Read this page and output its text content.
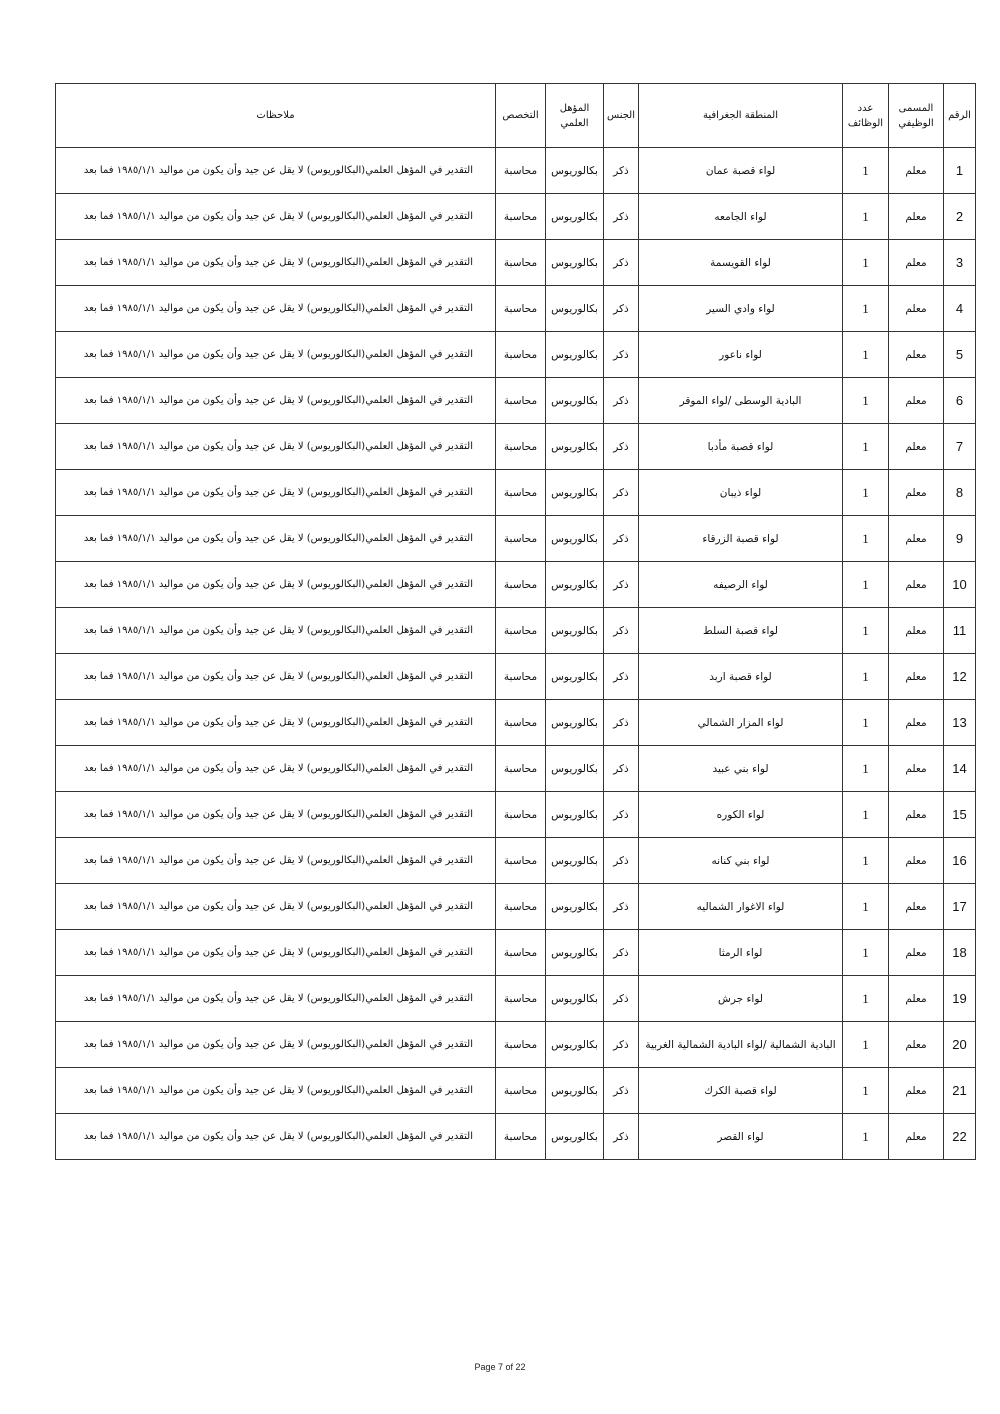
الرقم	المسمى الوظيفي	عدد الوظائف	المنطقة الجغرافية	الجنس	المؤهل العلمي	التخصص	ملاحظات
1	معلم	1	لواء قصبة عمان	ذكر	بكالوريوس	محاسبة	التقدير في المؤهل العلمي(البكالوريوس) لا يقل عن جيد وأن يكون من مواليد ١٩٨٥/١/١ فما بعد
2	معلم	1	لواء الجامعه	ذكر	بكالوريوس	محاسبة	التقدير في المؤهل العلمي(البكالوريوس) لا يقل عن جيد وأن يكون من مواليد ١٩٨٥/١/١ فما بعد
3	معلم	1	لواء القويسمة	ذكر	بكالوريوس	محاسبة	التقدير في المؤهل العلمي(البكالوريوس) لا يقل عن جيد وأن يكون من مواليد ١٩٨٥/١/١ فما بعد
4	معلم	1	لواء وادي السير	ذكر	بكالوريوس	محاسبة	التقدير في المؤهل العلمي(البكالوريوس) لا يقل عن جيد وأن يكون من مواليد ١٩٨٥/١/١ فما بعد
5	معلم	1	لواء ناعور	ذكر	بكالوريوس	محاسبة	التقدير في المؤهل العلمي(البكالوريوس) لا يقل عن جيد وأن يكون من مواليد ١٩٨٥/١/١ فما بعد
6	معلم	1	البادية الوسطى /لواء الموقر	ذكر	بكالوريوس	محاسبة	التقدير في المؤهل العلمي(البكالوريوس) لا يقل عن جيد وأن يكون من مواليد ١٩٨٥/١/١ فما بعد
7	معلم	1	لواء قصبة مأدبا	ذكر	بكالوريوس	محاسبة	التقدير في المؤهل العلمي(البكالوريوس) لا يقل عن جيد وأن يكون من مواليد ١٩٨٥/١/١ فما بعد
8	معلم	1	لواء ذيبان	ذكر	بكالوريوس	محاسبة	التقدير في المؤهل العلمي(البكالوريوس) لا يقل عن جيد وأن يكون من مواليد ١٩٨٥/١/١ فما بعد
9	معلم	1	لواء قصبة الزرقاء	ذكر	بكالوريوس	محاسبة	التقدير في المؤهل العلمي(البكالوريوس) لا يقل عن جيد وأن يكون من مواليد ١٩٨٥/١/١ فما بعد
10	معلم	1	لواء الرصيفه	ذكر	بكالوريوس	محاسبة	التقدير في المؤهل العلمي(البكالوريوس) لا يقل عن جيد وأن يكون من مواليد ١٩٨٥/١/١ فما بعد
11	معلم	1	لواء قصبة السلط	ذكر	بكالوريوس	محاسبة	التقدير في المؤهل العلمي(البكالوريوس) لا يقل عن جيد وأن يكون من مواليد ١٩٨٥/١/١ فما بعد
12	معلم	1	لواء قصبة اربد	ذكر	بكالوريوس	محاسبة	التقدير في المؤهل العلمي(البكالوريوس) لا يقل عن جيد وأن يكون من مواليد ١٩٨٥/١/١ فما بعد
13	معلم	1	لواء المزار الشمالي	ذكر	بكالوريوس	محاسبة	التقدير في المؤهل العلمي(البكالوريوس) لا يقل عن جيد وأن يكون من مواليد ١٩٨٥/١/١ فما بعد
14	معلم	1	لواء بني عبيد	ذكر	بكالوريوس	محاسبة	التقدير في المؤهل العلمي(البكالوريوس) لا يقل عن جيد وأن يكون من مواليد ١٩٨٥/١/١ فما بعد
15	معلم	1	لواء الكوره	ذكر	بكالوريوس	محاسبة	التقدير في المؤهل العلمي(البكالوريوس) لا يقل عن جيد وأن يكون من مواليد ١٩٨٥/١/١ فما بعد
16	معلم	1	لواء بني كنانه	ذكر	بكالوريوس	محاسبة	التقدير في المؤهل العلمي(البكالوريوس) لا يقل عن جيد وأن يكون من مواليد ١٩٨٥/١/١ فما بعد
17	معلم	1	لواء الاغوار الشماليه	ذكر	بكالوريوس	محاسبة	التقدير في المؤهل العلمي(البكالوريوس) لا يقل عن جيد وأن يكون من مواليد ١٩٨٥/١/١ فما بعد
18	معلم	1	لواء الرمثا	ذكر	بكالوريوس	محاسبة	التقدير في المؤهل العلمي(البكالوريوس) لا يقل عن جيد وأن يكون من مواليد ١٩٨٥/١/١ فما بعد
19	معلم	1	لواء جرش	ذكر	بكالوريوس	محاسبة	التقدير في المؤهل العلمي(البكالوريوس) لا يقل عن جيد وأن يكون من مواليد ١٩٨٥/١/١ فما بعد
20	معلم	1	البادية الشمالية /لواء البادية الشمالية الغربية	ذكر	بكالوريوس	محاسبة	التقدير في المؤهل العلمي(البكالوريوس) لا يقل عن جيد وأن يكون من مواليد ١٩٨٥/١/١ فما بعد
21	معلم	1	لواء قصبة الكرك	ذكر	بكالوريوس	محاسبة	التقدير في المؤهل العلمي(البكالوريوس) لا يقل عن جيد وأن يكون من مواليد ١٩٨٥/١/١ فما بعد
22	معلم	1	لواء القصر	ذكر	بكالوريوس	محاسبة	التقدير في المؤهل العلمي(البكالوريوس) لا يقل عن جيد وأن يكون من مواليد ١٩٨٥/١/١ فما بعد
Page 7 of 22
